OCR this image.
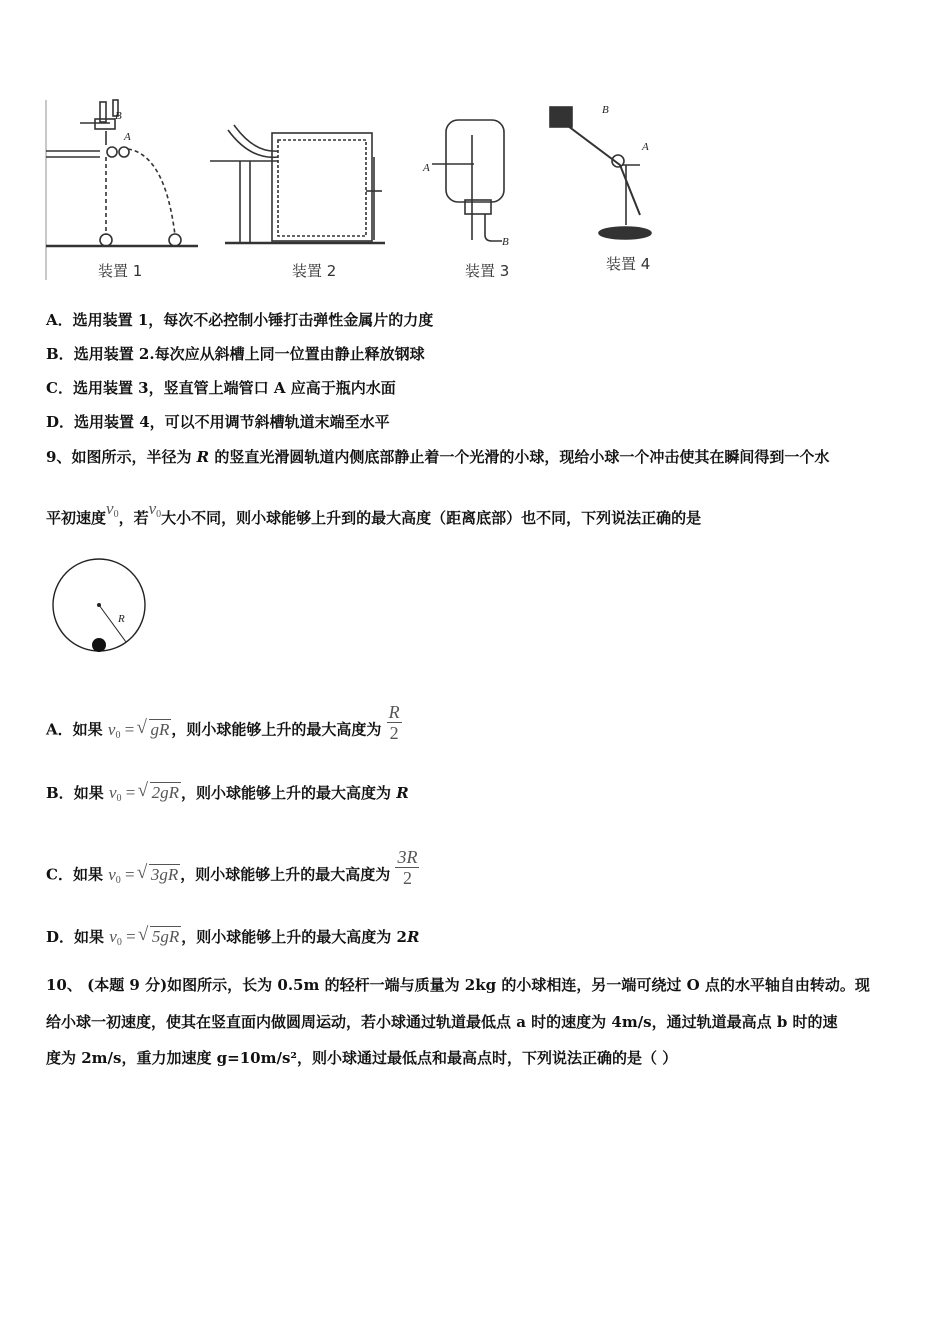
B
A
A
B
B
A
装置 1	装置 2	装置 3	装置 4
A．选用装置 1，每次不必控制小锤打击弹性金属片的力度
B．选用装置 2.每次应从斜槽上同一位置由静止释放钢球
C．选用装置 3，竖直管上端管口 A 应高于瓶内水面
D．选用装置 4，可以不用调节斜槽轨道末端至水平
9、如图所示，半径为 R 的竖直光滑圆轨道内侧底部静止着一个光滑的小球，现给小球一个冲击使其在瞬间得到一个水
平初速度$v_0$，若$v_0$大小不同，则小球能够上升到的最大高度（距离底部）也不同，下列说法正确的是
R
A．如果 $v_0$ = √ gR ，则小球能够上升的最大高度为 $\frac{R}{2}$
B．如果 $v_0$ = √ 2gR ，则小球能够上升的最大高度为 R
C．如果 $v_0$ = √ 3gR ，则小球能够上升的最大高度为 $\frac{3R}{2}$
D．如果 $v_0$ = √ 5gR ，则小球能够上升的最大高度为 2R
10、 (本题 9 分)如图所示，长为 0.5m 的轻杆一端与质量为 2kg 的小球相连，另一端可绕过 O 点的水平轴自由转动。现
给小球一初速度，使其在竖直面内做圆周运动，若小球通过轨道最低点 a 时的速度为 4m/s，通过轨道最高点 b 时的速
度为 2m/s，重力加速度 g=10m/s²，则小球通过最低点和最高点时，下列说法正确的是（ ）
